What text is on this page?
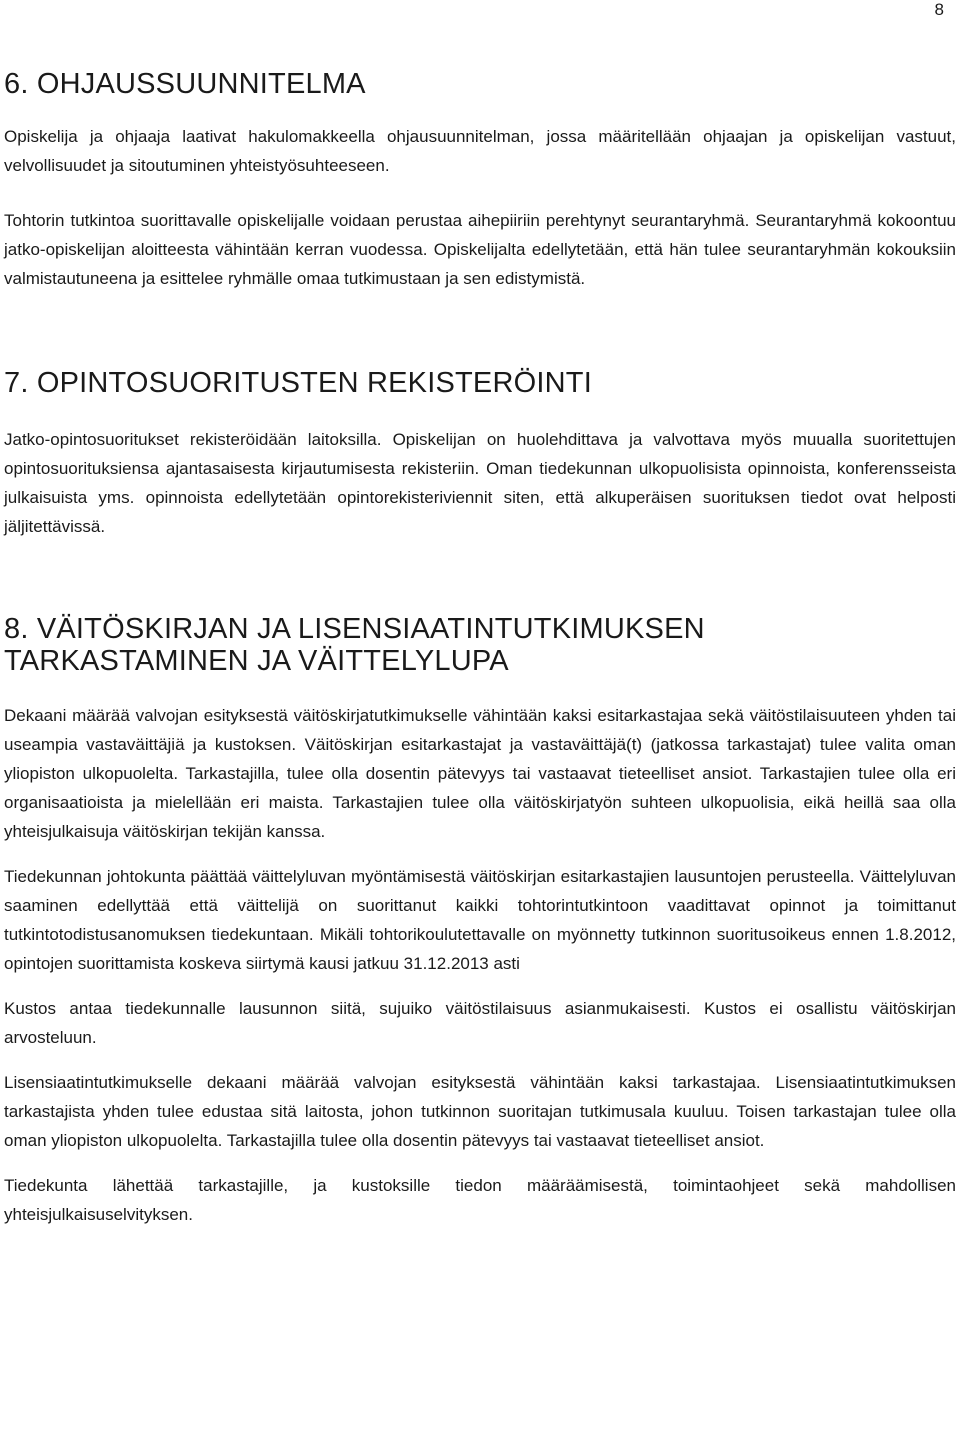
8
6. OHJAUSSUUNNITELMA

Opiskelija ja ohjaaja laativat hakulomakkeella ohjausuunnitelman, jossa määritellään ohjaajan ja opiskelijan vastuut, velvollisuudet ja sitoutuminen yhteistyösuhteeseen.

Tohtorin tutkintoa suorittavalle opiskelijalle voidaan perustaa aihepiiriin perehtynyt seurantaryhmä. Seurantaryhmä kokoontuu jatko-opiskelijan aloitteesta vähintään kerran vuodessa. Opiskelijalta edellytetään, että hän tulee seurantaryhmän kokouksiin valmistautuneena ja esittelee ryhmälle omaa tutkimustaan ja sen edistymistä.

7. OPINTOSUORITUSTEN REKISTERÖINTI

Jatko-opintosuoritukset rekisteröidään laitoksilla. Opiskelijan on huolehdittava ja valvottava myös muualla suoritettujen opintosuorituksiensa ajantasaisesta kirjautumisesta rekisteriin. Oman tiedekunnan ulkopuolisista opinnoista, konferensseista julkaisuista yms. opinnoista edellytetään opintorekisteriviennit siten, että alkuperäisen suorituksen tiedot ovat helposti jäljitettävissä.

8. VÄITÖSKIRJAN JA LISENSIAATINTUTKIMUKSEN
TARKASTAMINEN JA VÄITTELYLUPA

Dekaani määrää valvojan esityksestä väitöskirjatutkimukselle vähintään kaksi esitarkastajaa sekä väitöstilaisuuteen yhden tai useampia vastaväittäjiä ja kustoksen. Väitöskirjan esitarkastajat ja vastaväittäjä(t) (jatkossa tarkastajat) tulee valita oman yliopiston ulkopuolelta. Tarkastajilla, tulee olla dosentin pätevyys tai vastaavat tieteelliset ansiot. Tarkastajien tulee olla eri organisaatioista ja mielellään eri maista. Tarkastajien tulee olla väitöskirjatyön suhteen ulkopuolisia, eikä heillä saa olla yhteisjulkaisuja väitöskirjan tekijän kanssa.

Tiedekunnan johtokunta päättää väittelyluvan myöntämisestä väitöskirjan esitarkastajien lausuntojen perusteella. Väittelyluvan saaminen edellyttää että väittelijä on suorittanut kaikki tohtorintutkintoon vaadittavat opinnot ja toimittanut tutkintotodistusanomuksen tiedekuntaan. Mikäli tohtorikoulutettavalle on myönnetty tutkinnon suoritusoikeus ennen 1.8.2012, opintojen suorittamista koskeva siirtymä kausi jatkuu 31.12.2013 asti

Kustos antaa tiedekunnalle lausunnon siitä, sujuiko väitöstilaisuus asianmukaisesti. Kustos ei osallistu väitöskirjan arvosteluun.

Lisensiaatintutkimukselle dekaani määrää valvojan esityksestä vähintään kaksi tarkastajaa. Lisensiaatintutkimuksen tarkastajista yhden tulee edustaa sitä laitosta, johon tutkinnon suoritajan tutkimusala kuuluu. Toisen tarkastajan tulee olla oman yliopiston ulkopuolelta. Tarkastajilla tulee olla dosentin pätevyys tai vastaavat tieteelliset ansiot.

Tiedekunta lähettää tarkastajille, ja kustoksille tiedon määräämisestä, toimintaohjeet sekä mahdollisen yhteisjulkaisuselvityksen.
